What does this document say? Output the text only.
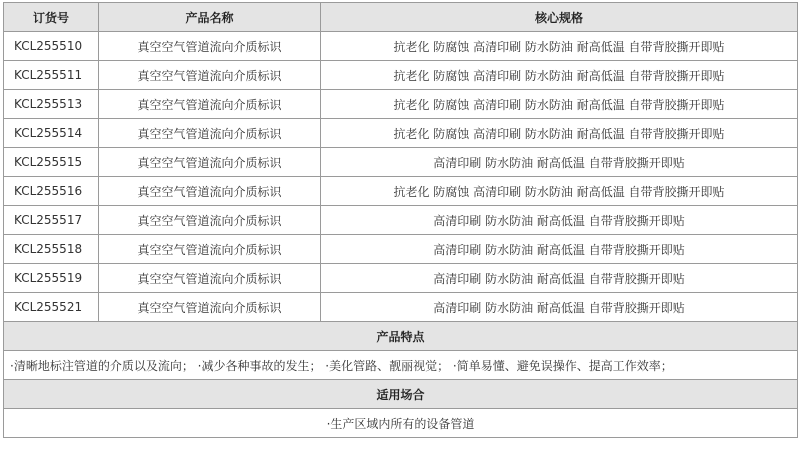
订货号	产品名称	核心规格
KCL255510	真空空气管道流向介质标识	抗老化 防腐蚀 高清印刷 防水防油 耐高低温 自带背胶撕开即贴
KCL255511	真空空气管道流向介质标识	抗老化 防腐蚀 高清印刷 防水防油 耐高低温 自带背胶撕开即贴
KCL255513	真空空气管道流向介质标识	抗老化 防腐蚀 高清印刷 防水防油 耐高低温 自带背胶撕开即贴
KCL255514	真空空气管道流向介质标识	抗老化 防腐蚀 高清印刷 防水防油 耐高低温 自带背胶撕开即贴
KCL255515	真空空气管道流向介质标识	高清印刷 防水防油 耐高低温 自带背胶撕开即贴
KCL255516	真空空气管道流向介质标识	抗老化 防腐蚀 高清印刷 防水防油 耐高低温 自带背胶撕开即贴
KCL255517	真空空气管道流向介质标识	高清印刷 防水防油 耐高低温 自带背胶撕开即贴
KCL255518	真空空气管道流向介质标识	高清印刷 防水防油 耐高低温 自带背胶撕开即贴
KCL255519	真空空气管道流向介质标识	高清印刷 防水防油 耐高低温 自带背胶撕开即贴
KCL255521	真空空气管道流向介质标识	高清印刷 防水防油 耐高低温 自带背胶撕开即贴
产品特点		
·清晰地标注管道的介质以及流向； ·减少各种事故的发生； ·美化管路、靓丽视觉； ·简单易懂、避免误操作、提高工作效率；		
适用场合		
·生产区域内所有的设备管道		
